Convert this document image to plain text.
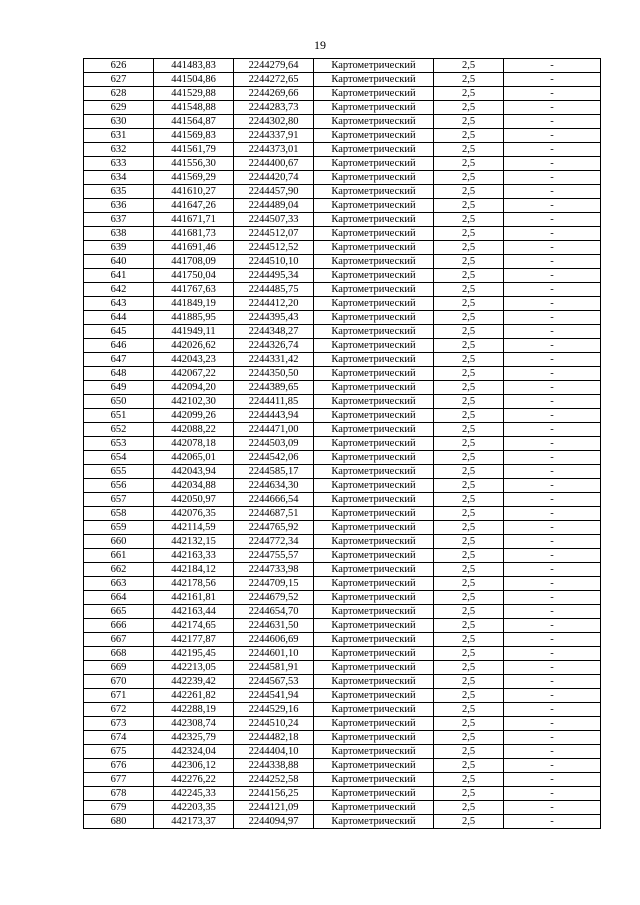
19
626	441483,83	2244279,64	Картометрический	2,5	-
627	441504,86	2244272,65	Картометрический	2,5	-
628	441529,88	2244269,66	Картометрический	2,5	-
629	441548,88	2244283,73	Картометрический	2,5	-
630	441564,87	2244302,80	Картометрический	2,5	-
631	441569,83	2244337,91	Картометрический	2,5	-
632	441561,79	2244373,01	Картометрический	2,5	-
633	441556,30	2244400,67	Картометрический	2,5	-
634	441569,29	2244420,74	Картометрический	2,5	-
635	441610,27	2244457,90	Картометрический	2,5	-
636	441647,26	2244489,04	Картометрический	2,5	-
637	441671,71	2244507,33	Картометрический	2,5	-
638	441681,73	2244512,07	Картометрический	2,5	-
639	441691,46	2244512,52	Картометрический	2,5	-
640	441708,09	2244510,10	Картометрический	2,5	-
641	441750,04	2244495,34	Картометрический	2,5	-
642	441767,63	2244485,75	Картометрический	2,5	-
643	441849,19	2244412,20	Картометрический	2,5	-
644	441885,95	2244395,43	Картометрический	2,5	-
645	441949,11	2244348,27	Картометрический	2,5	-
646	442026,62	2244326,74	Картометрический	2,5	-
647	442043,23	2244331,42	Картометрический	2,5	-
648	442067,22	2244350,50	Картометрический	2,5	-
649	442094,20	2244389,65	Картометрический	2,5	-
650	442102,30	2244411,85	Картометрический	2,5	-
651	442099,26	2244443,94	Картометрический	2,5	-
652	442088,22	2244471,00	Картометрический	2,5	-
653	442078,18	2244503,09	Картометрический	2,5	-
654	442065,01	2244542,06	Картометрический	2,5	-
655	442043,94	2244585,17	Картометрический	2,5	-
656	442034,88	2244634,30	Картометрический	2,5	-
657	442050,97	2244666,54	Картометрический	2,5	-
658	442076,35	2244687,51	Картометрический	2,5	-
659	442114,59	2244765,92	Картометрический	2,5	-
660	442132,15	2244772,34	Картометрический	2,5	-
661	442163,33	2244755,57	Картометрический	2,5	-
662	442184,12	2244733,98	Картометрический	2,5	-
663	442178,56	2244709,15	Картометрический	2,5	-
664	442161,81	2244679,52	Картометрический	2,5	-
665	442163,44	2244654,70	Картометрический	2,5	-
666	442174,65	2244631,50	Картометрический	2,5	-
667	442177,87	2244606,69	Картометрический	2,5	-
668	442195,45	2244601,10	Картометрический	2,5	-
669	442213,05	2244581,91	Картометрический	2,5	-
670	442239,42	2244567,53	Картометрический	2,5	-
671	442261,82	2244541,94	Картометрический	2,5	-
672	442288,19	2244529,16	Картометрический	2,5	-
673	442308,74	2244510,24	Картометрический	2,5	-
674	442325,79	2244482,18	Картометрический	2,5	-
675	442324,04	2244404,10	Картометрический	2,5	-
676	442306,12	2244338,88	Картометрический	2,5	-
677	442276,22	2244252,58	Картометрический	2,5	-
678	442245,33	2244156,25	Картометрический	2,5	-
679	442203,35	2244121,09	Картометрический	2,5	-
680	442173,37	2244094,97	Картометрический	2,5	-
